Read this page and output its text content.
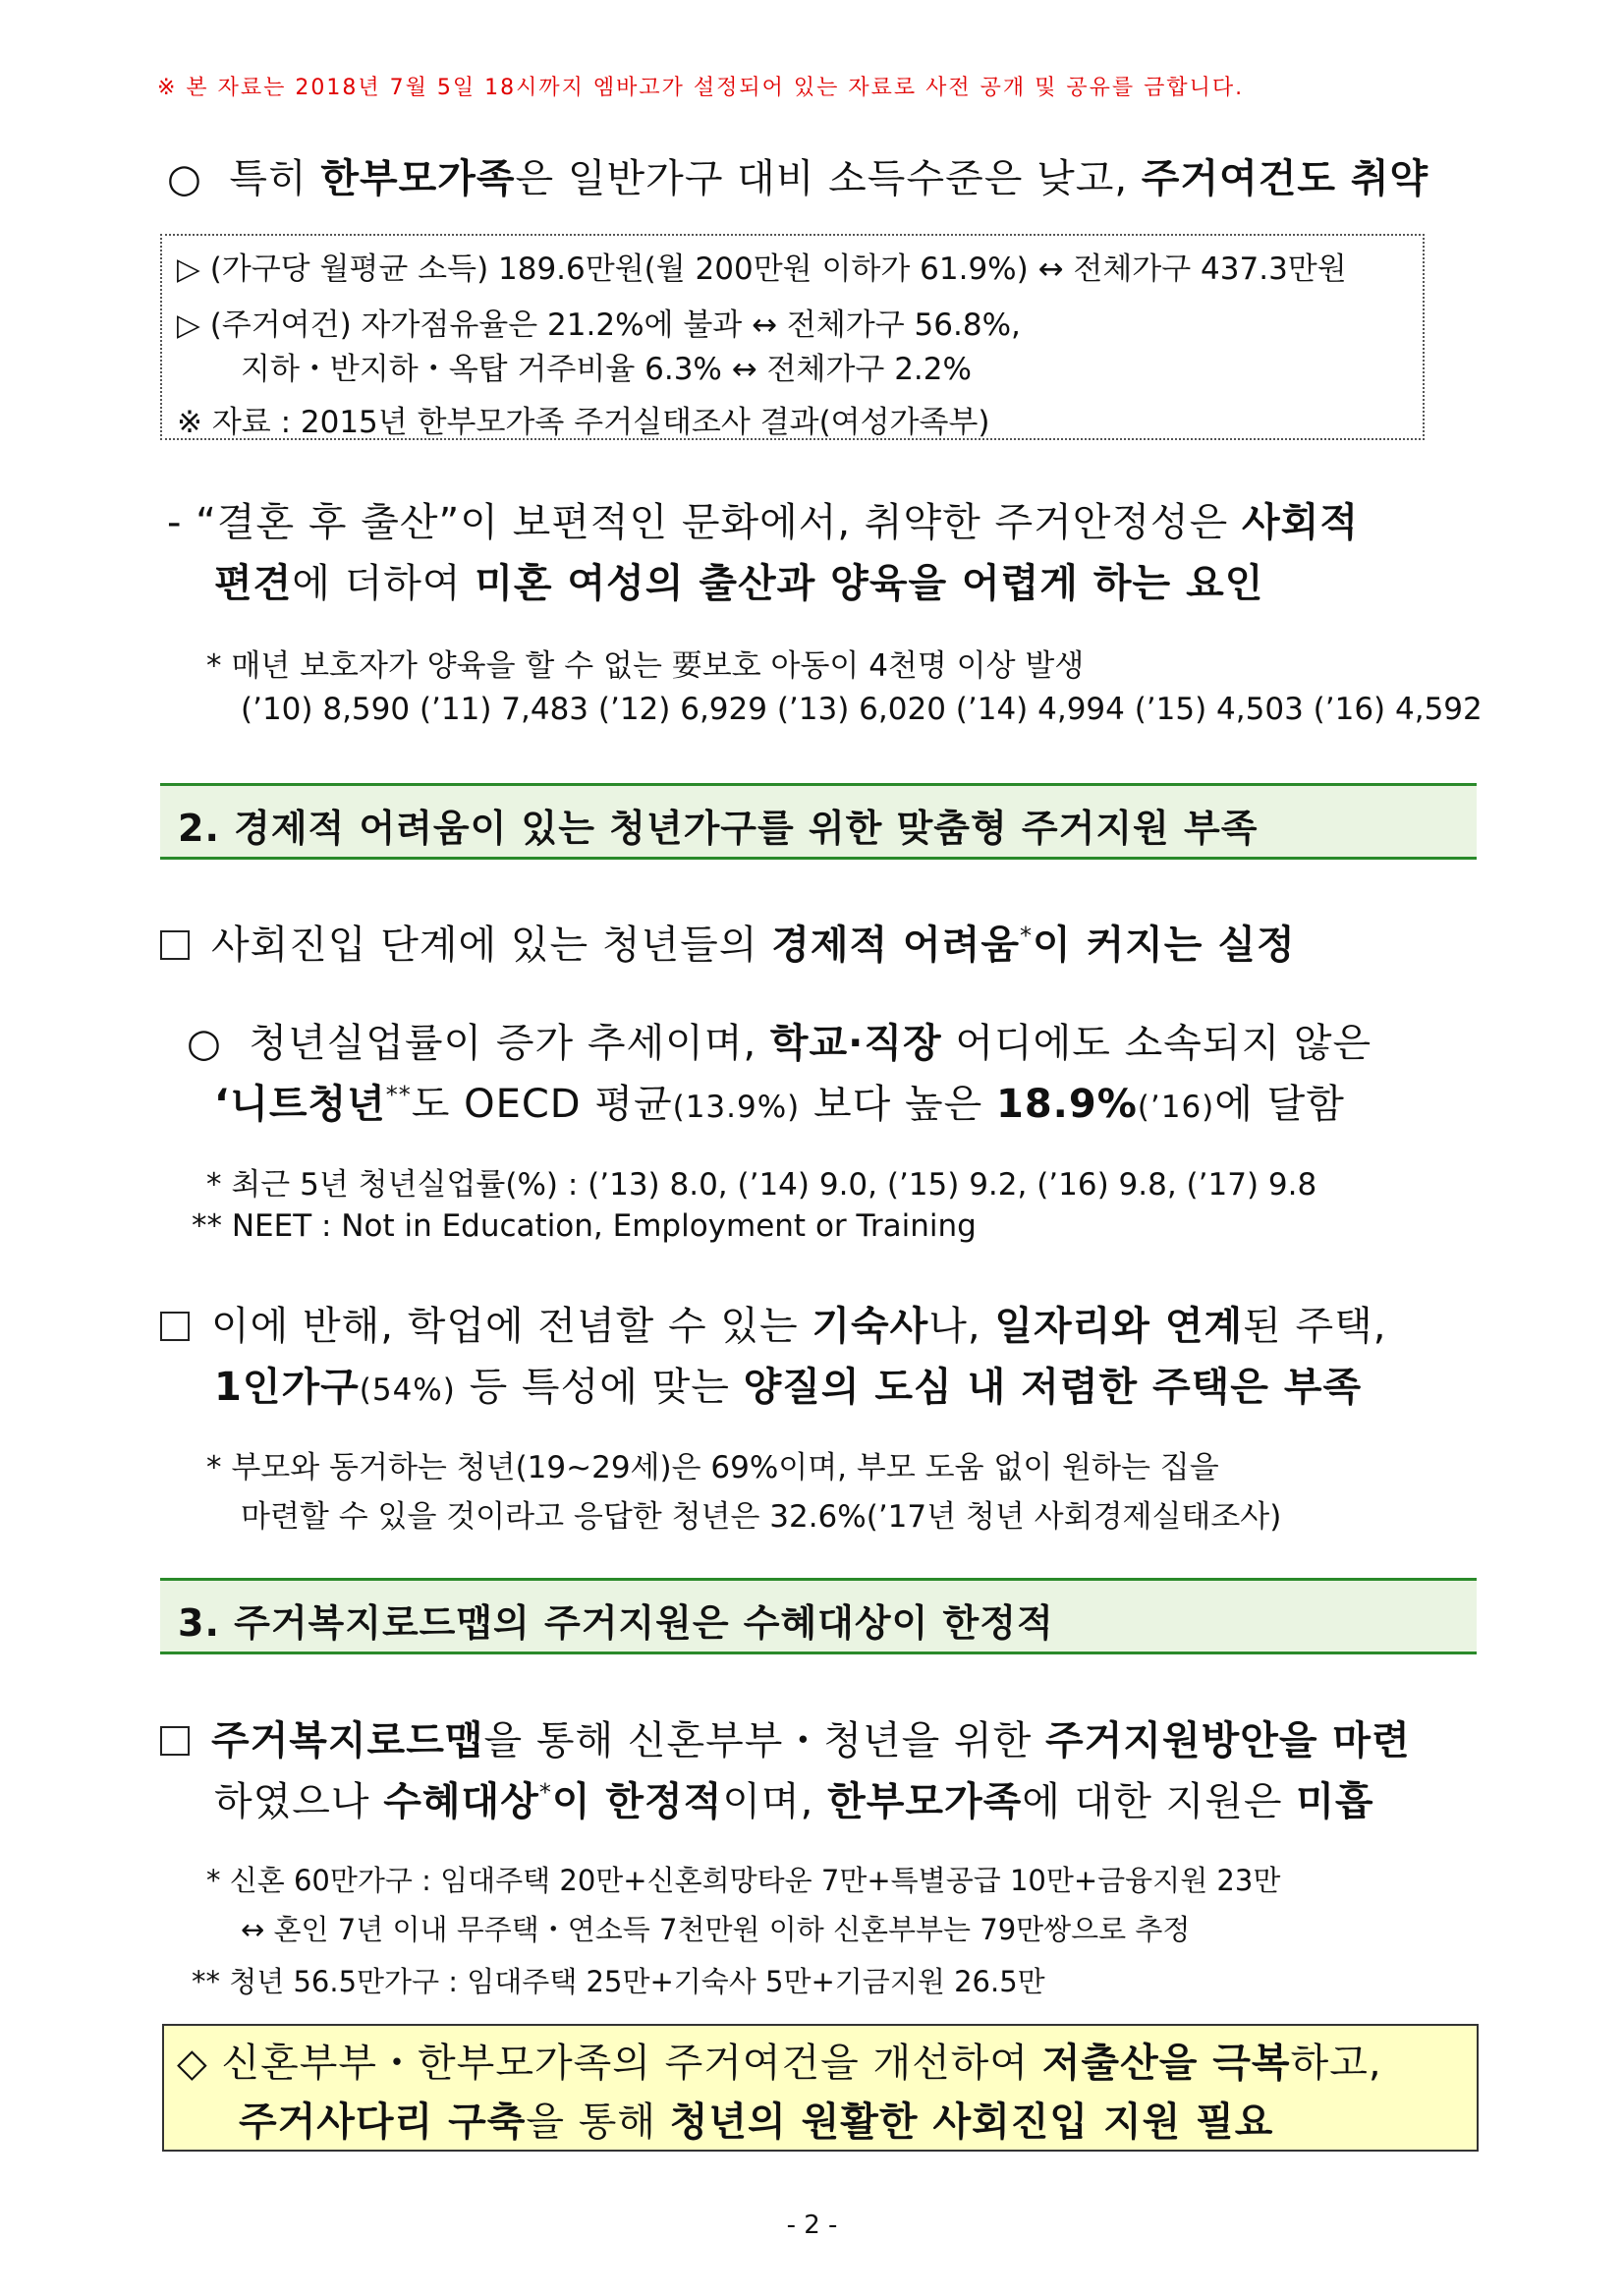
※ 본 자료는 2018년 7월 5일 18시까지 엠바고가 설정되어 있는 자료로 사전 공개 및 공유를 금합니다.
○ 특히 한부모가족은 일반가구 대비 소득수준은 낮고, 주거여건도 취약
▷ (가구당 월평균 소득) 189.6만원(월 200만원 이하가 61.9%) ↔ 전체가구 437.3만원
▷ (주거여건) 자가점유율은 21.2%에 불과 ↔ 전체가구 56.8%,
지하・반지하・옥탑 거주비율 6.3% ↔ 전체가구 2.2%
※ 자료 : 2015년 한부모가족 주거실태조사 결과(여성가족부)
- “결혼 후 출산”이 보편적인 문화에서, 취약한 주거안정성은 사회적
편견에 더하여 미혼 여성의 출산과 양육을 어렵게 하는 요인
* 매년 보호자가 양육을 할 수 없는 要보호 아동이 4천명 이상 발생
(’10) 8,590 (’11) 7,483 (’12) 6,929 (’13) 6,020 (’14) 4,994 (’15) 4,503 (’16) 4,592
2. 경제적 어려움이 있는 청년가구를 위한 맞춤형 주거지원 부족
사회진입 단계에 있는 청년들의 경제적 어려움*이 커지는 실정
○ 청년실업률이 증가 추세이며, 학교·직장 어디에도 소속되지 않은
‘니트청년**도 OECD 평균(13.9%) 보다 높은 18.9%(’16)에 달함
* 최근 5년 청년실업률(%) : (’13) 8.0, (’14) 9.0, (’15) 9.2, (’16) 9.8, (’17) 9.8
** NEET : Not in Education, Employment or Training
이에 반해, 학업에 전념할 수 있는 기숙사나, 일자리와 연계된 주택,
1인가구(54%) 등 특성에 맞는 양질의 도심 내 저렴한 주택은 부족
* 부모와 동거하는 청년(19∼29세)은 69%이며, 부모 도움 없이 원하는 집을
마련할 수 있을 것이라고 응답한 청년은 32.6%(’17년 청년 사회경제실태조사)
3. 주거복지로드맵의 주거지원은 수혜대상이 한정적
주거복지로드맵을 통해 신혼부부・청년을 위한 주거지원방안을 마련
하였으나 수혜대상*이 한정적이며, 한부모가족에 대한 지원은 미흡
* 신혼 60만가구 : 임대주택 20만+신혼희망타운 7만+특별공급 10만+금융지원 23만
↔ 혼인 7년 이내 무주택・연소득 7천만원 이하 신혼부부는 79만쌍으로 추정
** 청년 56.5만가구 : 임대주택 25만+기숙사 5만+기금지원 26.5만
◇ 신혼부부・한부모가족의 주거여건을 개선하여 저출산을 극복하고,
주거사다리 구축을 통해 청년의 원활한 사회진입 지원 필요
- 2 -
